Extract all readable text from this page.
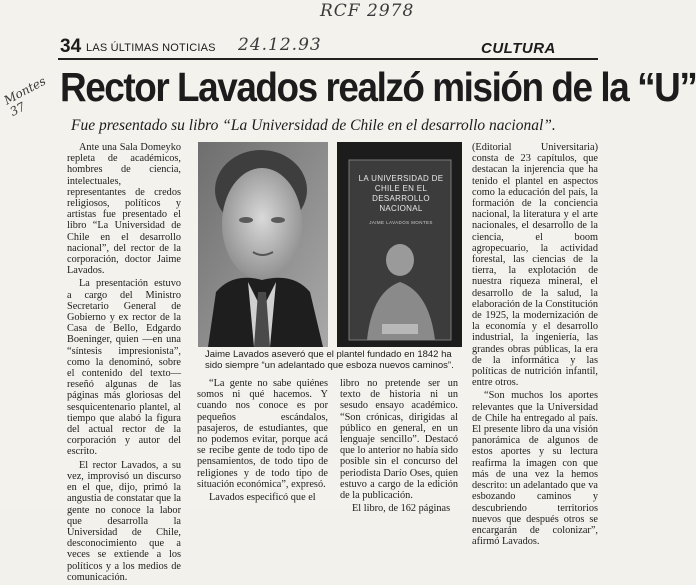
RCF 2978
24.12.93
Montes
37
34 LAS ÚLTIMAS NOTICIAS	CULTURA
Rector Lavados realzó misión de la “U”
Fue presentado su libro “La Universidad de Chile en el desarrollo nacional”.

Ante una Sala Domeyko repleta de académicos, hombres de ciencia, intelectuales, representantes de credos religiosos, políticos y artistas fue presentado el libro “La Universidad de Chile en el desarrollo nacional”, del rector de la corporación, doctor Jaime Lavados.

La presentación estuvo a cargo del Ministro Secretario General de Gobierno y ex rector de la Casa de Bello, Edgardo Boeninger, quien —en una “síntesis impresionista”, como la denominó, sobre el contenido del texto— reseñó algunas de las páginas más gloriosas del sesquicentenario plantel, al tiempo que alabó la figura del actual rector de la corporación y autor del escrito.

El rector Lavados, a su vez, improvisó un discurso en el que, dijo, primó la angustia de constatar que la gente no conoce la labor que desarrolla la Universidad de Chile, desconocimiento que a veces se extiende a los políticos y a los medios de comunicación.

LA UNIVERSIDAD DE CHILE EN EL DESARROLLO NACIONAL
JAIME LAVADOS MONTES
Jaime Lavados aseveró que el plantel fundado en 1842 ha sido siempre “un adelantado que esboza nuevos caminos”.

“La gente no sabe quiénes somos ni qué hacemos. Y cuando nos conoce es por pequeños escándalos, pasajeros, de estudiantes, que no podemos evitar, porque acá se recibe gente de todo tipo de pensamientos, de todo tipo de religiones y de todo tipo de situación económica”, expresó.

Lavados especificó que el

libro no pretende ser un texto de historia ni un sesudo ensayo académico. “Son crónicas, dirigidas al público en general, en un lenguaje sencillo”. Destacó que lo anterior no había sido posible sin el concurso del periodista Darío Oses, quien estuvo a cargo de la edición de la publicación.

El libro, de 162 páginas

(Editorial Universitaria) consta de 23 capítulos, que destacan la injerencia que ha tenido el plantel en aspectos como la educación del país, la formación de la conciencia nacional, la literatura y el arte nacionales, el desarrollo de la ciencia, el boom agropecuario, la actividad forestal, las ciencias de la tierra, la explotación de nuestra riqueza mineral, el desarrollo de la salud, la elaboración de la Constitución de 1925, la modernización de la economía y el desarrollo industrial, la ingeniería, las grandes obras públicas, la era de la informática y las políticas de nutrición infantil, entre otros.

“Son muchos los aportes relevantes que la Universidad de Chile ha entregado al país. El presente libro da una visión panorámica de algunos de estos aportes y su lectura reafirma la imagen con que más de una vez la hemos descrito: un adelantado que va esbozando caminos y descubriendo territorios nuevos que después otros se encargarán de colonizar”, afirmó Lavados.
